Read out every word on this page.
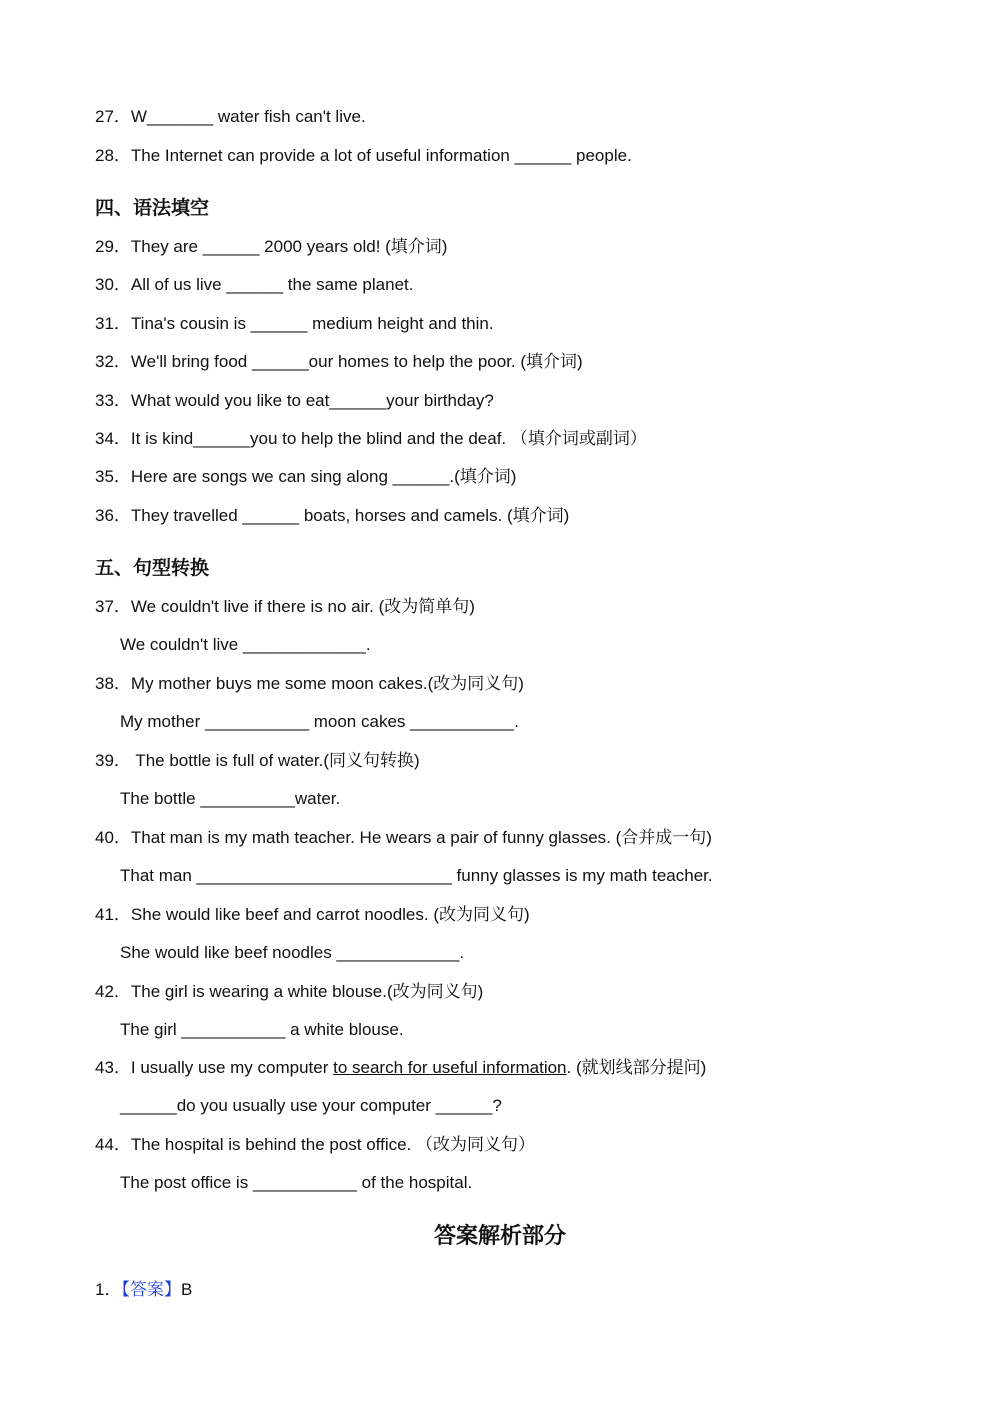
27．W_______ water fish can't live.
28．The Internet can provide a lot of useful information ______ people.
四、语法填空
29．They are ______ 2000 years old! (填介词)
30．All of us live ______ the same planet.
31．Tina's cousin is ______ medium height and thin.
32．We'll bring food ______our homes to help the poor. (填介词)
33．What would you like to eat______your birthday?
34．It is kind______you to help the blind and the deaf. （填介词或副词）
35．Here are songs we can sing along ______.(填介词)
36．They travelled ______ boats, horses and camels. (填介词)
五、句型转换
37．We couldn't live if there is no air. (改为简单句)
We couldn't live _____________.
38．My mother buys me some moon cakes.(改为同义句)
My mother ___________ moon cakes ___________.
39． The bottle is full of water.(同义句转换)
The bottle __________water.
40．That man is my math teacher. He wears a pair of funny glasses. (合并成一句)
That man ___________________________ funny glasses is my math teacher.
41．She would like beef and carrot noodles. (改为同义句)
She would like beef noodles _____________.
42．The girl is wearing a white blouse.(改为同义句)
The girl ___________ a white blouse.
43．I usually use my computer to search for useful information. (就划线部分提问)
______do you usually use your computer ______?
44．The hospital is behind the post office. （改为同义句）
The post office is ___________ of the hospital.
答案解析部分
1．【答案】B
